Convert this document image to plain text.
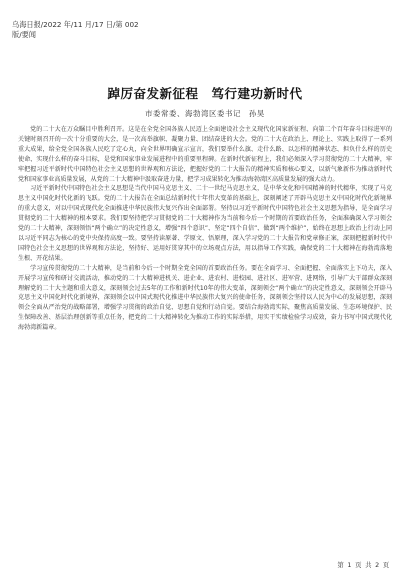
乌海日报/2022 年/11 月/17 日/第 002
版/要闻
踔厉奋发新征程　笃行建功新时代
市委常委、海勃湾区委书记　孙昊

党的二十大在万众瞩目中胜利召开。这是在全党全国各族人民迈上全面建设社会主义现代化国家新征程、向第二个百年奋斗目标进军的关键时刻召开的一次十分重要的大会，是一次高举旗帜、凝聚力量、团结奋进的大会。党的二十大在政治上、理论上、实践上取得了一系列重大成果，给全党全国各族人民吃了定心丸，向全世界明确宣示宣言，我们要举什么旗、走什么路、以怎样的精神状态、担负什么样的历史使命、实现什么样的奋斗目标，是党和国家事业发展进程中的重要里程碑。在新时代新征程上，我们必须深入学习贯彻党的二十大精神，牢牢把握习近平新时代中国特色社会主义思想的世界观和方法论，把握好党的二十大报告的精神实质和核心要义，以新气象新作为推动新时代党和国家事业高质量发展，从党的二十大精神中汲取奋进力量，把学习成果转化为推动海勃湾区高质量发展的强大动力。

习近平新时代中国特色社会主义思想是当代中国马克思主义、二十一世纪马克思主义，是中华文化和中国精神的时代精华，实现了马克思主义中国化时代化新的飞跃。党的二十大报告在全面总结新时代十年伟大变革的基础上，深刻阐述了开辟马克思主义中国化时代化新境界的重大意义，对以中国式现代化全面推进中华民族伟大复兴作出全面部署。坚持以习近平新时代中国特色社会主义思想为指导，是全面学习贯彻党的二十大精神的根本要求。我们要坚持把学习贯彻党的二十大精神作为当前和今后一个时期的首要政治任务，全面准确深入学习领会党的二十大精神，深刻领悟“两个确立”的决定性意义，增强“四个意识”、坚定“四个自信”、做到“两个维护”，始终在思想上政治上行动上同以习近平同志为核心的党中央保持高度一致。要坚持读原著、学原文、悟原理，深入学习党的二十大报告和党章修正案，深刻把握新时代中国特色社会主义思想的世界观和方法论，坚持好、运用好贯穿其中的立场观点方法，用以指导工作实践，确保党的二十大精神在海勃湾落地生根、开花结果。

学习宣传贯彻党的二十大精神，是当前和今后一个时期全党全国的首要政治任务。要在全面学习、全面把握、全面落实上下功夫，深入开展学习宣传和研讨交流活动，推动党的二十大精神进机关、进企业、进农村、进校园、进社区、进军营、进网络，引导广大干部群众深刻理解党的二十大主题和重大意义，深刻领会过去5年的工作和新时代10年的伟大变革，深刻领会“两个确立”的决定性意义，深刻领会开辟马克思主义中国化时代化新境界，深刻领会以中国式现代化推进中华民族伟大复兴的使命任务，深刻领会坚持以人民为中心的发展思想，深刻领会全面从严治党的战略部署，增强学习贯彻的政治自觉、思想自觉和行动自觉。要结合海勃湾实际，聚焦高质量发展、生态环境保护、民生保障改善、基层治理创新等重点任务，把党的二十大精神转化为推动工作的实际举措，用实干实绩检验学习成效，奋力书写中国式现代化海勃湾新篇章。

第 1 页 共 2 页
